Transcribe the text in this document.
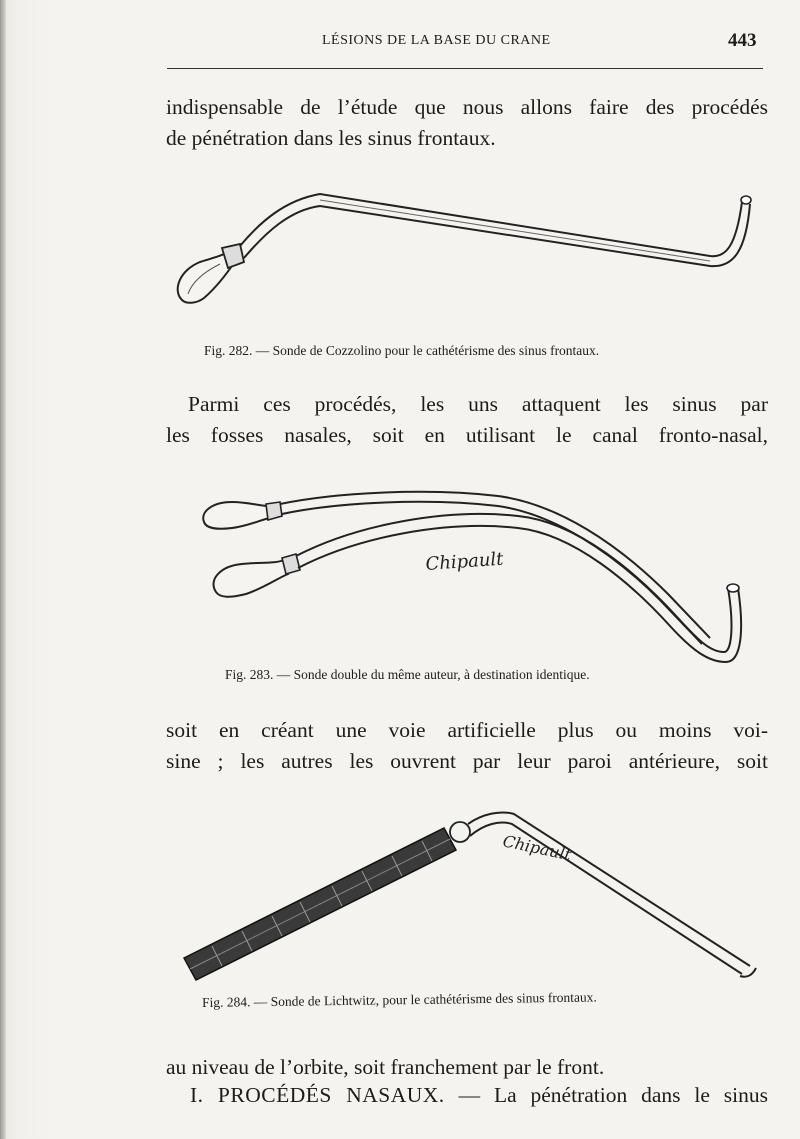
LÉSIONS DE LA BASE DU CRANE	443
indispensable de l’étude que nous allons faire des procédés
de pénétration dans les sinus frontaux.
Fig. 282. — Sonde de Cozzolino pour le cathétérisme des sinus frontaux.
Parmi ces procédés, les uns attaquent les sinus par
les fosses nasales, soit en utilisant le canal fronto-nasal,
Chipault
Fig. 283. — Sonde double du même auteur, à destination identique.
soit en créant une voie artificielle plus ou moins voi-
sine ; les autres les ouvrent par leur paroi antérieure, soit
Chipault
Fig. 284. — Sonde de Lichtwitz, pour le cathétérisme des sinus frontaux.
au niveau de l’orbite, soit franchement par le front.
I. PROCÉDÉS NASAUX. — La pénétration dans le sinus
